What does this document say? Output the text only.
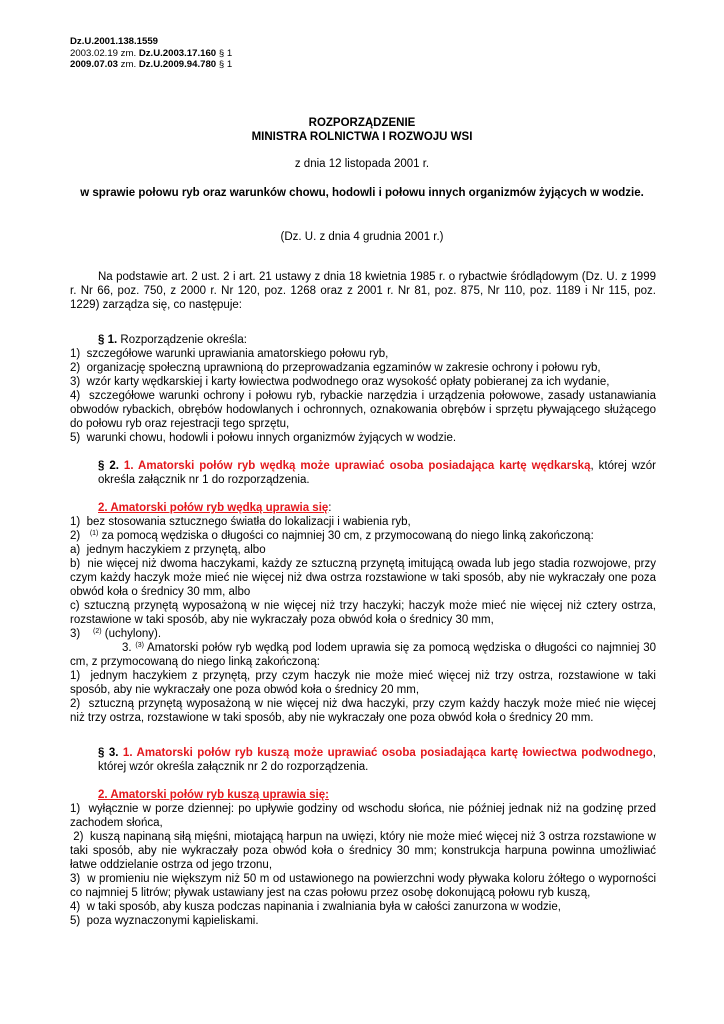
Dz.U.2001.138.1559
2003.02.19 zm. Dz.U.2003.17.160 § 1
2009.07.03 zm. Dz.U.2009.94.780 § 1
ROZPORZĄDZENIE
MINISTRA ROLNICTWA I ROZWOJU WSI
z dnia 12 listopada 2001 r.
w sprawie połowu ryb oraz warunków chowu, hodowli i połowu innych organizmów żyjących w wodzie.
(Dz. U. z dnia 4 grudnia 2001 r.)

Na podstawie art. 2 ust. 2 i art. 21 ustawy z dnia 18 kwietnia 1985 r. o rybactwie śródlądowym (Dz. U. z 1999 r. Nr 66, poz. 750, z 2000 r. Nr 120, poz. 1268 oraz z 2001 r. Nr 81, poz. 875, Nr 110, poz. 1189 i Nr 115, poz. 1229) zarządza się, co następuje:

§ 1. Rozporządzenie określa:

1)  szczegółowe warunki uprawiania amatorskiego połowu ryb,

2)  organizację społeczną uprawnioną do przeprowadzania egzaminów w zakresie ochrony i połowu ryb,

3)  wzór karty wędkarskiej i karty łowiectwa podwodnego oraz wysokość opłaty pobieranej za ich wydanie,

4)  szczegółowe warunki ochrony i połowu ryb, rybackie narzędzia i urządzenia połowowe, zasady ustanawiania obwodów rybackich, obrębów hodowlanych i ochronnych, oznakowania obrębów i sprzętu pływającego służącego do połowu ryb oraz rejestracji tego sprzętu,

5)  warunki chowu, hodowli i połowu innych organizmów żyjących w wodzie.

§ 2. 1. Amatorski połów ryb wędką może uprawiać osoba posiadająca kartę wędkarską, której wzór określa załącznik nr 1 do rozporządzenia.

2. Amatorski połów ryb wędką uprawia się:

1)  bez stosowania sztucznego światła do lokalizacji i wabienia ryb,

2)   $^{(1)}$ za pomocą wędziska o długości co najmniej 30 cm, z przymocowaną do niego linką zakończoną:

a)  jednym haczykiem z przynętą, albo

b)  nie więcej niż dwoma haczykami, każdy ze sztuczną przynętą imitującą owada lub jego stadia rozwojowe, przy czym każdy haczyk może mieć nie więcej niż dwa ostrza rozstawione w taki sposób, aby nie wykraczały one poza obwód koła o średnicy 30 mm, albo

c) sztuczną przynętą wyposażoną w nie więcej niż trzy haczyki; haczyk może mieć nie więcej niż cztery ostrza, rozstawione w taki sposób, aby nie wykraczały poza obwód koła o średnicy 30 mm,

3)    $^{(2)}$ (uchylony).

3. $^{(3)}$ Amatorski połów ryb wędką pod lodem uprawia się za pomocą wędziska o długości co najmniej 30 cm, z przymocowaną do niego linką zakończoną:

1)  jednym haczykiem z przynętą, przy czym haczyk nie może mieć więcej niż trzy ostrza, rozstawione w taki sposób, aby nie wykraczały one poza obwód koła o średnicy 20 mm,

2)  sztuczną przynętą wyposażoną w nie więcej niż dwa haczyki, przy czym każdy haczyk może mieć nie więcej niż trzy ostrza, rozstawione w taki sposób, aby nie wykraczały one poza obwód koła o średnicy 20 mm.

§ 3. 1. Amatorski połów ryb kuszą może uprawiać osoba posiadająca kartę łowiectwa podwodnego, której wzór określa załącznik nr 2 do rozporządzenia.

2. Amatorski połów ryb kuszą uprawia się:

1)  wyłącznie w porze dziennej: po upływie godziny od wschodu słońca, nie później jednak niż na godzinę przed zachodem słońca,

2)  kuszą napinaną siłą mięśni, miotającą harpun na uwięzi, który nie może mieć więcej niż 3 ostrza rozstawione w taki sposób, aby nie wykraczały poza obwód koła o średnicy 30 mm; konstrukcja harpuna powinna umożliwiać łatwe oddzielanie ostrza od jego trzonu,

3)  w promieniu nie większym niż 50 m od ustawionego na powierzchni wody pływaka koloru żółtego o wyporności co najmniej 5 litrów; pływak ustawiany jest na czas połowu przez osobę dokonującą połowu ryb kuszą,

4)  w taki sposób, aby kusza podczas napinania i zwalniania była w całości zanurzona w wodzie,

5)  poza wyznaczonymi kąpieliskami.
